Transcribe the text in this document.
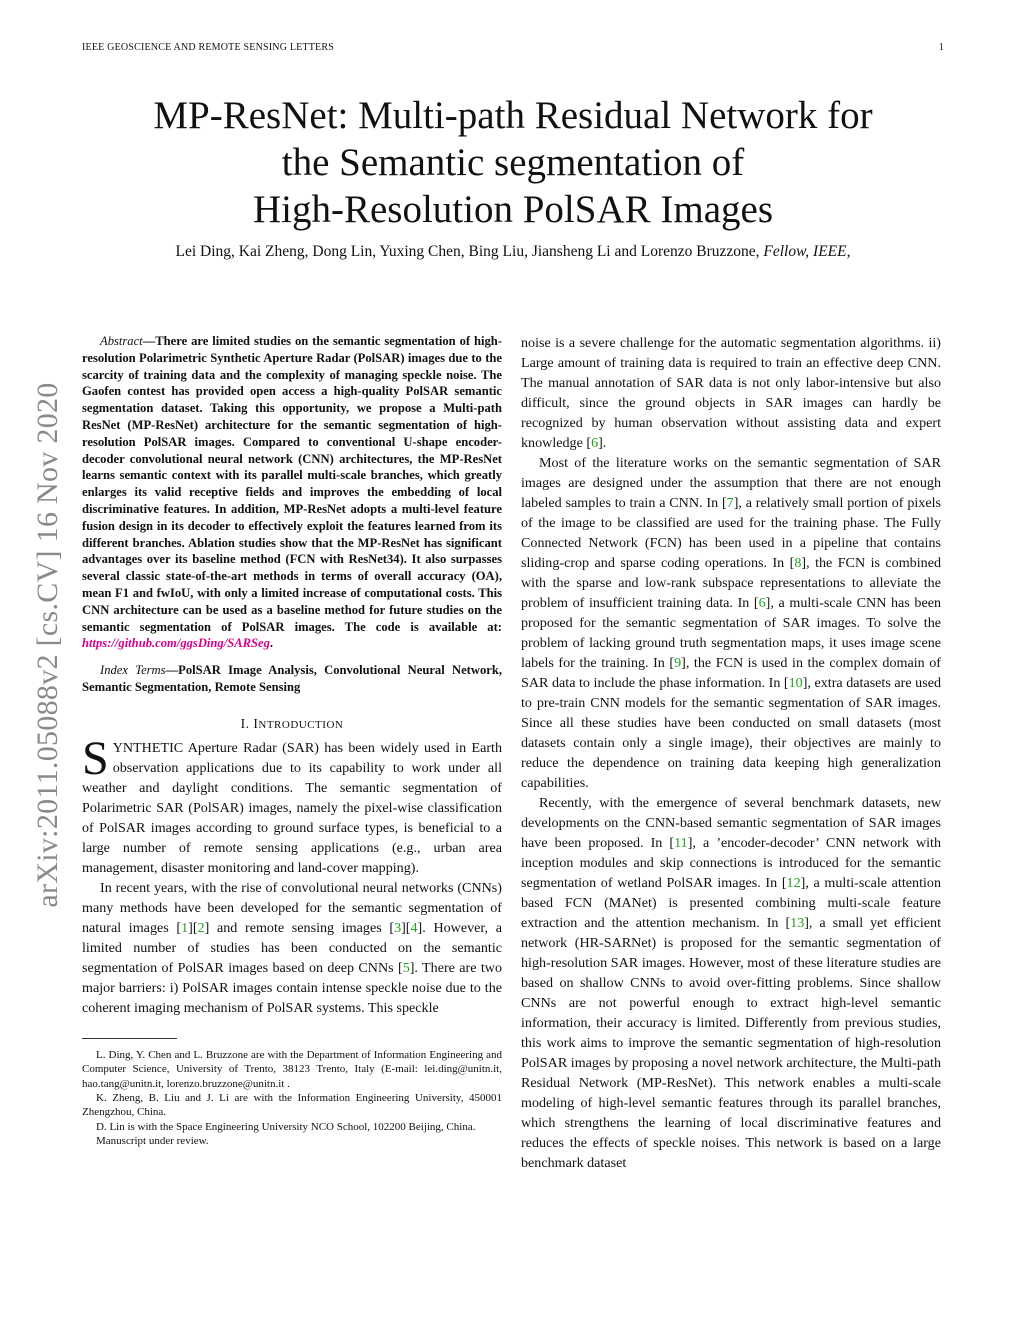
IEEE GEOSCIENCE AND REMOTE SENSING LETTERS	1
arXiv:2011.05088v2 [cs.CV] 16 Nov 2020
MP-ResNet: Multi-path Residual Network for
the Semantic segmentation of
High-Resolution PolSAR Images
Lei Ding, Kai Zheng, Dong Lin, Yuxing Chen, Bing Liu, Jiansheng Li and Lorenzo Bruzzone, Fellow, IEEE,

Abstract—There are limited studies on the semantic segmentation of high-resolution Polarimetric Synthetic Aperture Radar (PolSAR) images due to the scarcity of training data and the complexity of managing speckle noise. The Gaofen contest has provided open access a high-quality PolSAR semantic segmentation dataset. Taking this opportunity, we propose a Multi-path ResNet (MP-ResNet) architecture for the semantic segmentation of high-resolution PolSAR images. Compared to conventional U-shape encoder-decoder convolutional neural network (CNN) architectures, the MP-ResNet learns semantic context with its parallel multi-scale branches, which greatly enlarges its valid receptive fields and improves the embedding of local discriminative features. In addition, MP-ResNet adopts a multi-level feature fusion design in its decoder to effectively exploit the features learned from its different branches. Ablation studies show that the MP-ResNet has significant advantages over its baseline method (FCN with ResNet34). It also surpasses several classic state-of-the-art methods in terms of overall accuracy (OA), mean F1 and fwIoU, with only a limited increase of computational costs. This CNN architecture can be used as a baseline method for future studies on the semantic segmentation of PolSAR images. The code is available at: https://github.com/ggsDing/SARSeg.

Index Terms—PolSAR Image Analysis, Convolutional Neural Network, Semantic Segmentation, Remote Sensing

I. INTRODUCTION

SYNTHETIC Aperture Radar (SAR) has been widely used in Earth observation applications due to its capability to work under all weather and daylight conditions. The semantic segmentation of Polarimetric SAR (PolSAR) images, namely the pixel-wise classification of PolSAR images according to ground surface types, is beneficial to a large number of remote sensing applications (e.g., urban area management, disaster monitoring and land-cover mapping).

In recent years, with the rise of convolutional neural networks (CNNs) many methods have been developed for the semantic segmentation of natural images [1][2] and remote sensing images [3][4]. However, a limited number of studies has been conducted on the semantic segmentation of PolSAR images based on deep CNNs [5]. There are two major barriers: i) PolSAR images contain intense speckle noise due to the coherent imaging mechanism of PolSAR systems. This speckle

L. Ding, Y. Chen and L. Bruzzone are with the Department of Information Engineering and Computer Science, University of Trento, 38123 Trento, Italy (E-mail: lei.ding@unitn.it, hao.tang@unitn.it, lorenzo.bruzzone@unitn.it .

K. Zheng, B. Liu and J. Li are with the Information Engineering University, 450001 Zhengzhou, China.

D. Lin is with the Space Engineering University NCO School, 102200 Beijing, China.

Manuscript under review.

noise is a severe challenge for the automatic segmentation algorithms. ii) Large amount of training data is required to train an effective deep CNN. The manual annotation of SAR data is not only labor-intensive but also difficult, since the ground objects in SAR images can hardly be recognized by human observation without assisting data and expert knowledge [6].

Most of the literature works on the semantic segmentation of SAR images are designed under the assumption that there are not enough labeled samples to train a CNN. In [7], a relatively small portion of pixels of the image to be classified are used for the training phase. The Fully Connected Network (FCN) has been used in a pipeline that contains sliding-crop and sparse coding operations. In [8], the FCN is combined with the sparse and low-rank subspace representations to alleviate the problem of insufficient training data. In [6], a multi-scale CNN has been proposed for the semantic segmentation of SAR images. To solve the problem of lacking ground truth segmentation maps, it uses image scene labels for the training. In [9], the FCN is used in the complex domain of SAR data to include the phase information. In [10], extra datasets are used to pre-train CNN models for the semantic segmentation of SAR images. Since all these studies have been conducted on small datasets (most datasets contain only a single image), their objectives are mainly to reduce the dependence on training data keeping high generalization capabilities.

Recently, with the emergence of several benchmark datasets, new developments on the CNN-based semantic segmentation of SAR images have been proposed. In [11], a ’encoder-decoder’ CNN network with inception modules and skip connections is introduced for the semantic segmentation of wetland PolSAR images. In [12], a multi-scale attention based FCN (MANet) is presented combining multi-scale feature extraction and the attention mechanism. In [13], a small yet efficient network (HR-SARNet) is proposed for the semantic segmentation of high-resolution SAR images. However, most of these literature studies are based on shallow CNNs to avoid over-fitting problems. Since shallow CNNs are not powerful enough to extract high-level semantic information, their accuracy is limited. Differently from previous studies, this work aims to improve the semantic segmentation of high-resolution PolSAR images by proposing a novel network architecture, the Multi-path Residual Network (MP-ResNet). This network enables a multi-scale modeling of high-level semantic features through its parallel branches, which strengthens the learning of local discriminative features and reduces the effects of speckle noises. This network is based on a large benchmark dataset
